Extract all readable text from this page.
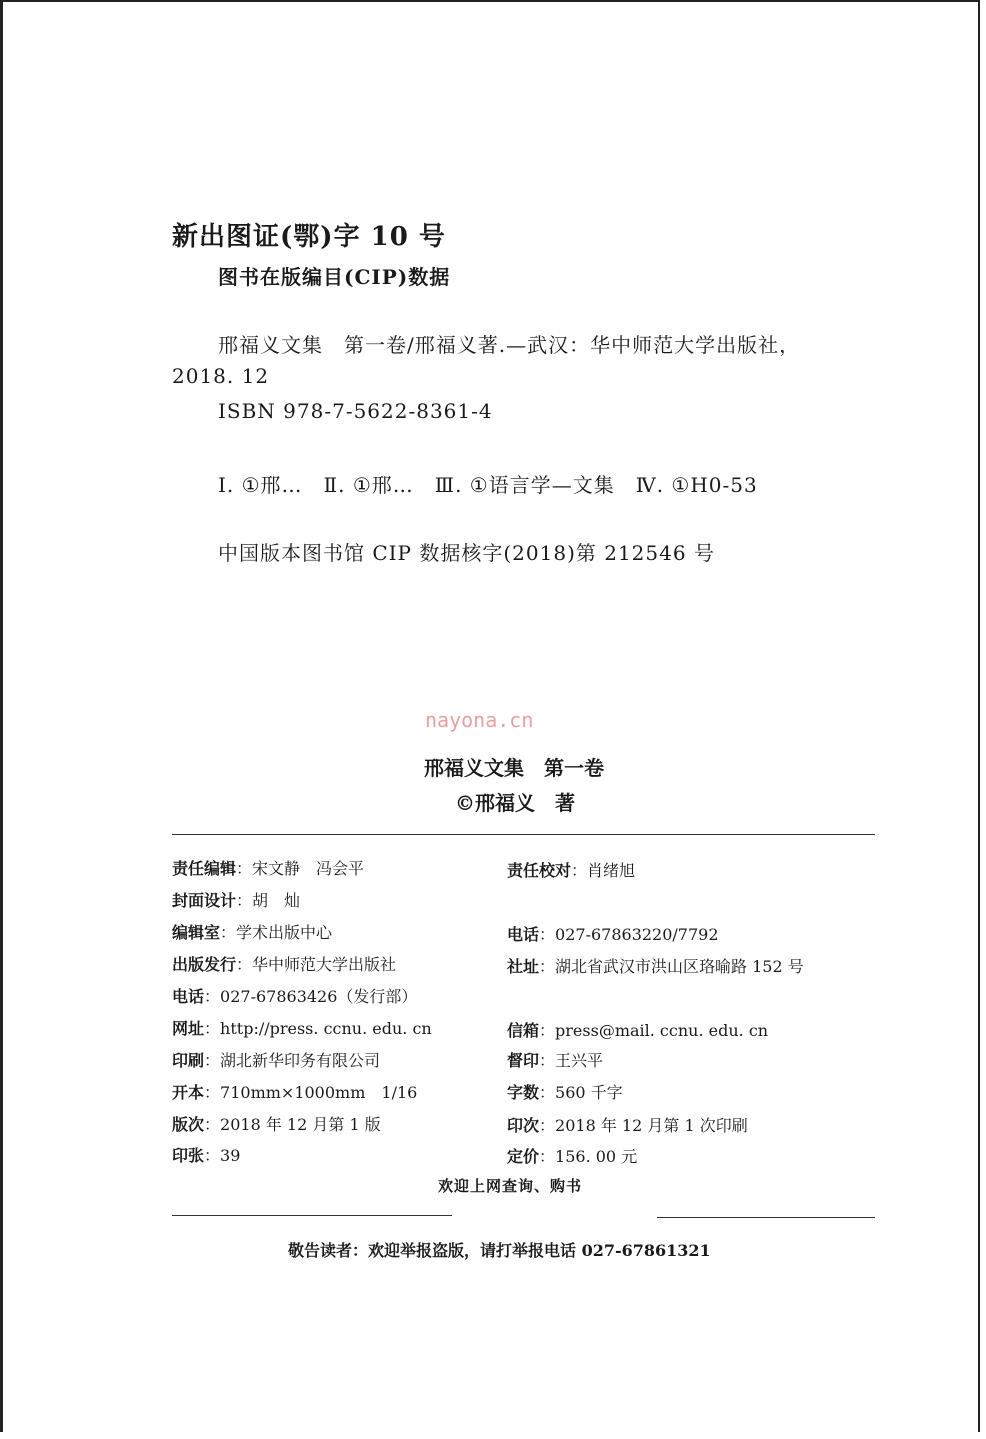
新出图证(鄂)字 10 号
图书在版编目(CIP)数据
邢福义文集　第一卷/邢福义著.—武汉：华中师范大学出版社，
2018. 12
ISBN 978-7-5622-8361-4
Ⅰ. ①邢…　Ⅱ. ①邢…　Ⅲ. ①语言学—文集　Ⅳ. ①H0-53
中国版本图书馆 CIP 数据核字(2018)第 212546 号
nayona.cn
邢福义文集　第一卷
©邢福义　著
责任编辑：宋文静　冯会平
封面设计：胡　灿
编辑室：学术出版中心
出版发行：华中师范大学出版社
电话：027-67863426（发行部）
网址：http://press. ccnu. edu. cn
印刷：湖北新华印务有限公司
开本：710mm×1000mm　1/16
版次：2018 年 12 月第 1 版
印张：39
责任校对：肖绪旭
电话：027-67863220/7792
社址：湖北省武汉市洪山区珞喻路 152 号
信箱：press@mail. ccnu. edu. cn
督印：王兴平
字数：560 千字
印次：2018 年 12 月第 1 次印刷
定价：156. 00 元
欢迎上网查询、购书
敬告读者：欢迎举报盗版，请打举报电话 027-67861321
